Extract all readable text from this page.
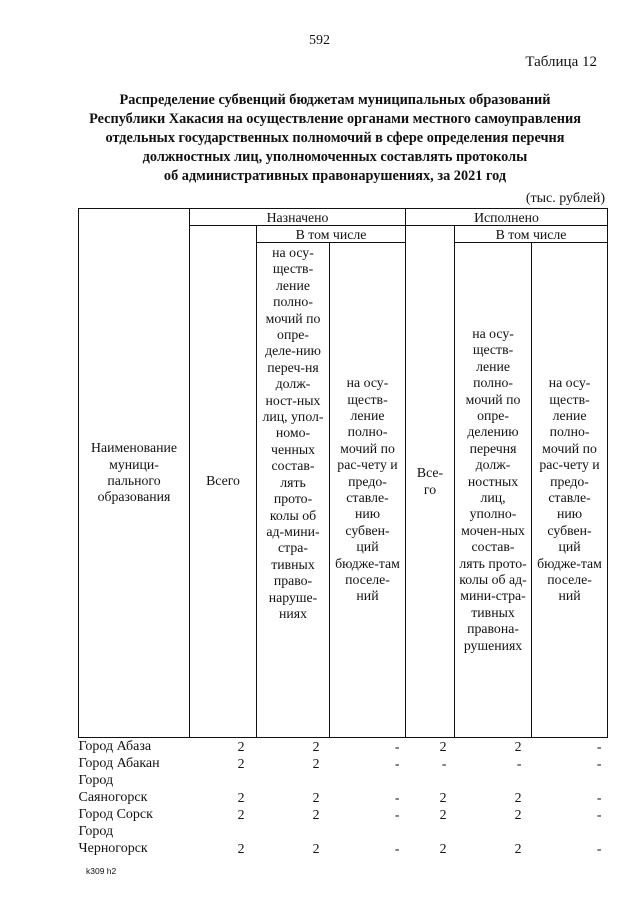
592
Таблица 12
Распределение субвенций бюджетам муниципальных образований
Республики Хакасия на осуществление органами местного самоуправления
отдельных государственных полномочий в сфере определения перечня
должностных лиц, уполномоченных составлять протоколы
об административных правонарушениях, за 2021 год
(тыс. рублей)
Наименование муници-пального образования	Назначено			Исполнено		
	Всего	В том числе		Все-го	В том числе	
		на осу-ществ-ление полно-мочий по опре-деле-нию переч-ня долж-ност-ных лиц, упол-номо-ченных состав-лять прото-колы об ад-мини-стра-тивных право-наруше-ниях	на осу-ществ-ление полно-мочий по рас-чету и предо-ставле-нию субвен-ций бюдже-там поселе-ний		на осу-ществ-ление полно-мочий по опре-делению перечня долж-ностных лиц, уполно-мочен-ных состав-лять прото-колы об ад-мини-стра-тивных правона-рушениях	на осу-ществ-ление полно-мочий по рас-чету и предо-ставле-нию субвен-ций бюдже-там поселе-ний
Город Абаза	2	2	-	2	2	-
Город Абакан	2	2	-	-	-	-
Город						
Саяногорск	2	2	-	2	2	-
Город Сорск	2	2	-	2	2	-
Город						
Черногорск	2	2	-	2	2	-
k309 h2
